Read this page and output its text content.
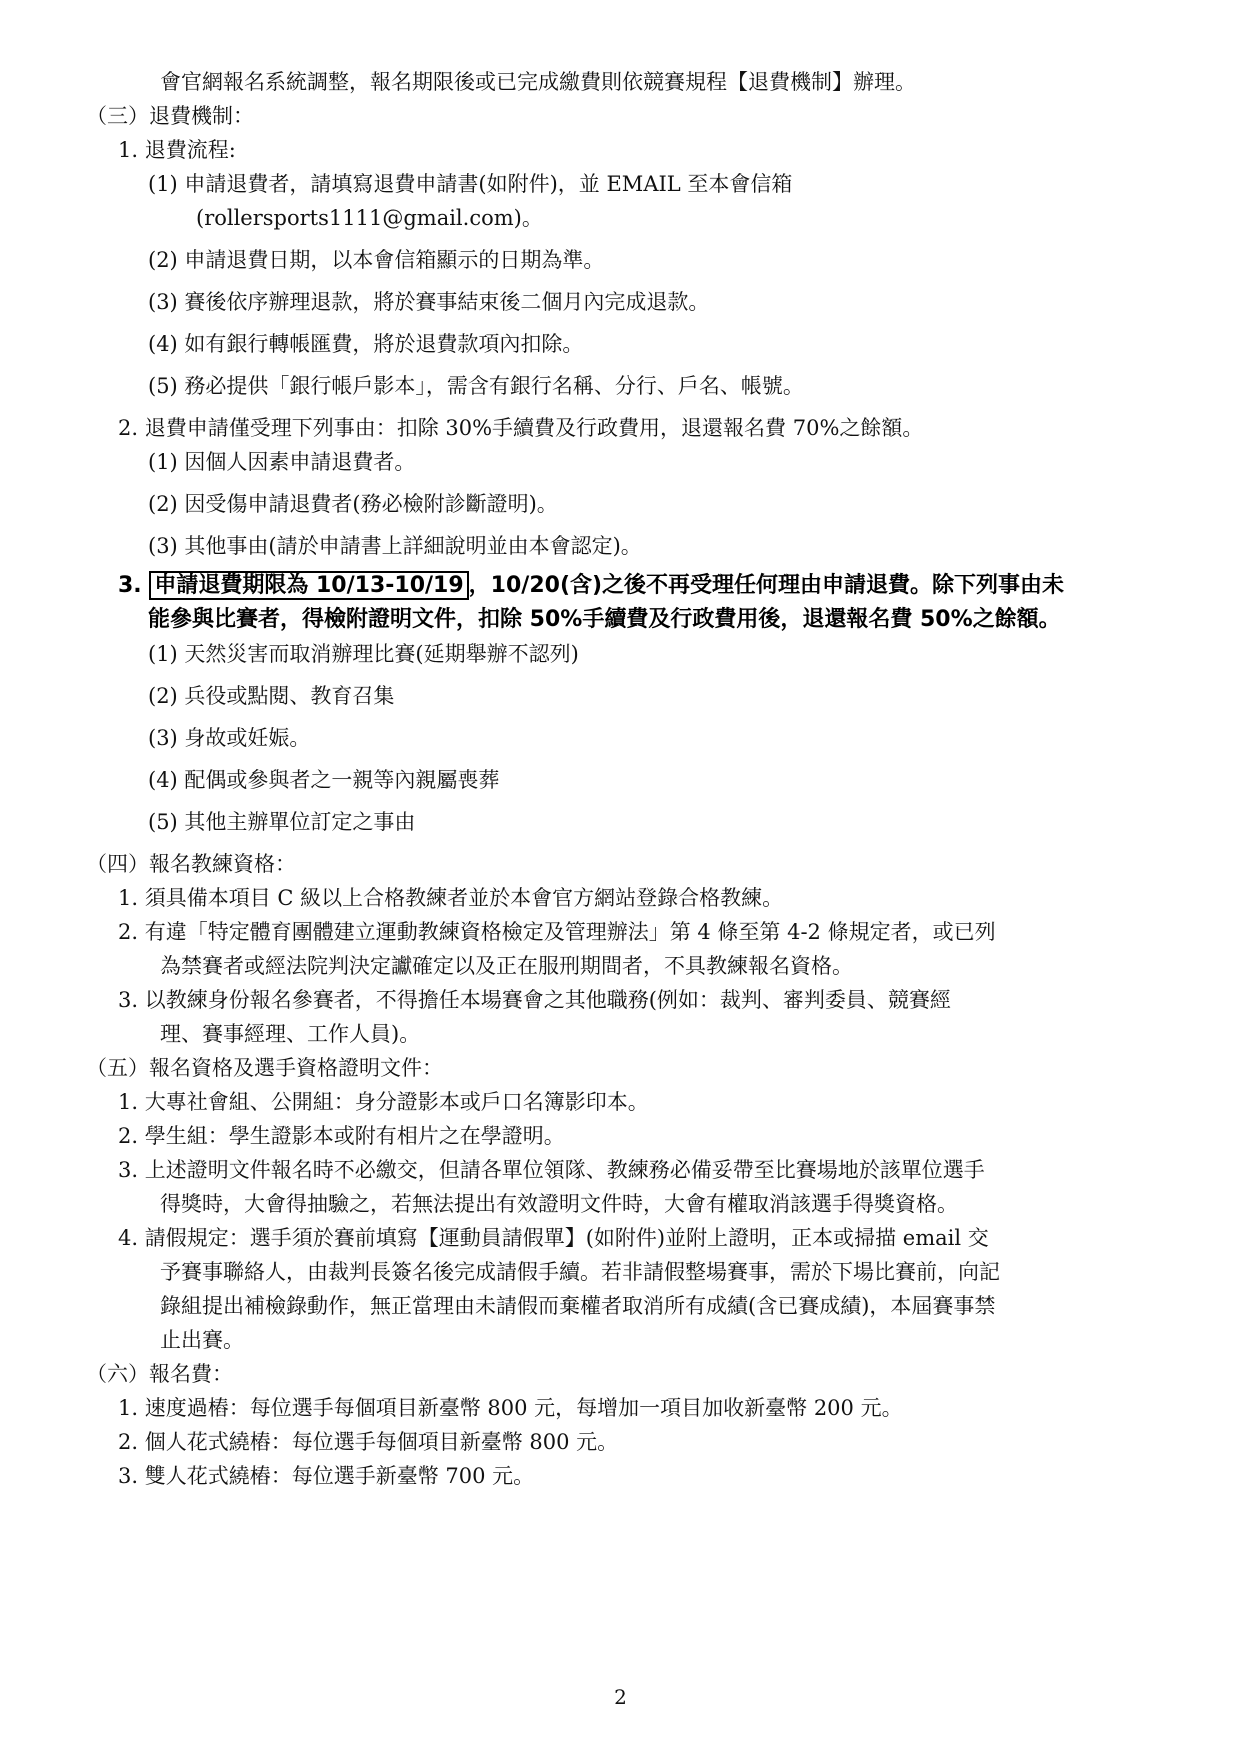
會官網報名系統調整，報名期限後或已完成繳費則依競賽規程【退費機制】辦理。
（三）退費機制：
1. 退費流程:
(1) 申請退費者，請填寫退費申請書(如附件)，並 EMAIL 至本會信箱
(rollersports1111@gmail.com)。
(2) 申請退費日期，以本會信箱顯示的日期為準。
(3) 賽後依序辦理退款，將於賽事結束後二個月內完成退款。
(4) 如有銀行轉帳匯費，將於退費款項內扣除。
(5) 務必提供「銀行帳戶影本」，需含有銀行名稱、分行、戶名、帳號。
2. 退費申請僅受理下列事由：扣除 30%手續費及行政費用，退還報名費 70%之餘額。
(1) 因個人因素申請退費者。
(2) 因受傷申請退費者(務必檢附診斷證明)。
(3) 其他事由(請於申請書上詳細說明並由本會認定)。
3. 申請退費期限為 10/13-10/19 ，10/20(含)之後不再受理任何理由申請退費。除下列事由未
能參與比賽者，得檢附證明文件，扣除 50%手續費及行政費用後，退還報名費 50%之餘額。
(1) 天然災害而取消辦理比賽(延期舉辦不認列)
(2) 兵役或點閱、教育召集
(3) 身故或妊娠。
(4) 配偶或參與者之一親等內親屬喪葬
(5) 其他主辦單位訂定之事由
（四）報名教練資格：
1. 須具備本項目 C 級以上合格教練者並於本會官方網站登錄合格教練。
2. 有違「特定體育團體建立運動教練資格檢定及管理辦法」第 4 條至第 4-2 條規定者，或已列
為禁賽者或經法院判決定讞確定以及正在服刑期間者，不具教練報名資格。
3. 以教練身份報名參賽者，不得擔任本場賽會之其他職務(例如：裁判、審判委員、競賽經
理、賽事經理、工作人員)。
（五）報名資格及選手資格證明文件：
1. 大專社會組、公開組：身分證影本或戶口名簿影印本。
2. 學生組：學生證影本或附有相片之在學證明。
3. 上述證明文件報名時不必繳交，但請各單位領隊、教練務必備妥帶至比賽場地於該單位選手
得獎時，大會得抽驗之，若無法提出有效證明文件時，大會有權取消該選手得獎資格。
4. 請假規定：選手須於賽前填寫【運動員請假單】(如附件)並附上證明，正本或掃描 email 交
予賽事聯絡人，由裁判長簽名後完成請假手續。若非請假整場賽事，需於下場比賽前，向記
錄組提出補檢錄動作，無正當理由未請假而棄權者取消所有成績(含已賽成績)，本屆賽事禁
止出賽。
（六）報名費：
1. 速度過樁：每位選手每個項目新臺幣 800 元，每增加一項目加收新臺幣 200 元。
2. 個人花式繞樁：每位選手每個項目新臺幣 800 元。
3. 雙人花式繞樁：每位選手新臺幣 700 元。
2
